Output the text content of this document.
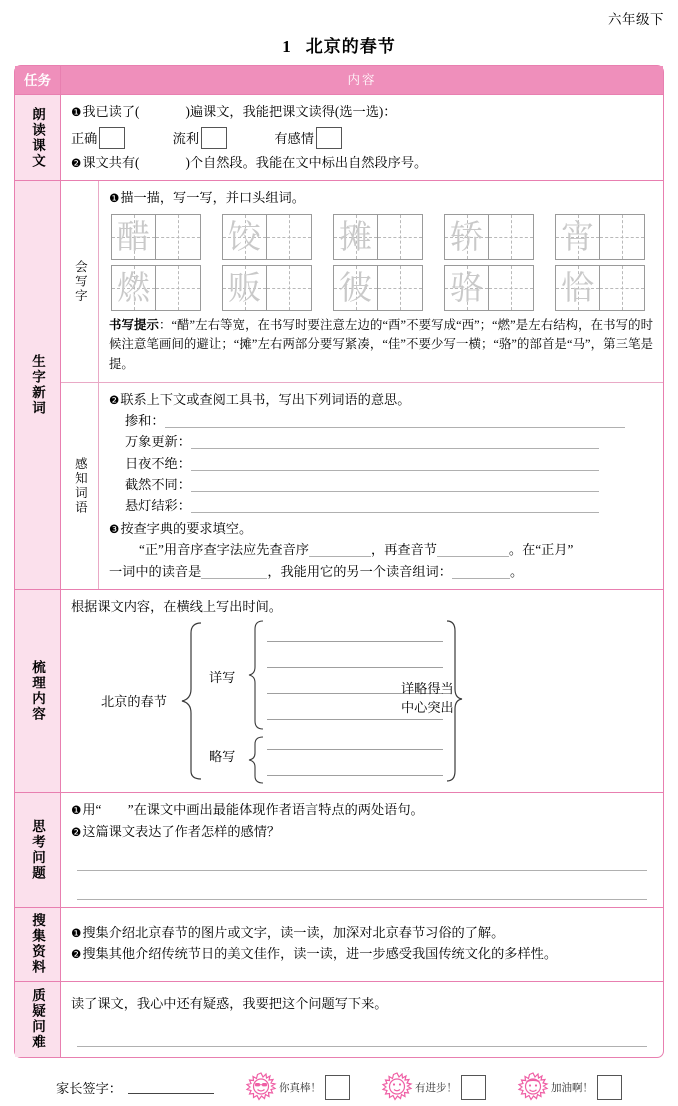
六年级下
1 北京的春节
任务	内容
朗读课文 ❶我已读了(	)遍课文，我能把课文读得(选一选)：
正确	流利	有感情
❷课文共有(	)个自然段。我能在文中标出自然段序号。
生字新词
会写字
❶描一描，写一写，并口头组词。
醋 饺 摊 轿 宵
燃 贩 彼 骆 恰
书写提示：“醋”左右等宽，在书写时要注意左边的“酉”不要写成“西”；“燃”是左右结构，在书写的时候注意笔画间的避让；“摊”左右两部分要写紧凑，“佳”不要少写一横；“骆”的部首是“马”，第三笔是提。
感知词语
❷联系上下文或查阅工具书，写出下列词语的意思。
掺和：
万象更新：
日夜不绝：
截然不同：
悬灯结彩：
❸按查字典的要求填空。
“正”用音序查字法应先查音序	，再查音节	。在“正月”
一词中的读音是	，我能用它的另一个读音组词：	。
梳理内容
根据课文内容，在横线上写出时间。
北京的春节
详写
略写
详略得当
中心突出
思考问题
❶用“　　”在课文中画出最能体现作者语言特点的两处语句。
❷这篇课文表达了作者怎样的感情？
搜集资料 ❶搜集介绍北京春节的图片或文字，读一读，加深对北京春节习俗的了解。
❷搜集其他介绍传统节日的美文佳作，读一读，进一步感受我国传统文化的多样性。
质疑问难 读了课文，我心中还有疑惑，我要把这个问题写下来。
家长签字：	你真棒！	有进步！	加油啊！
